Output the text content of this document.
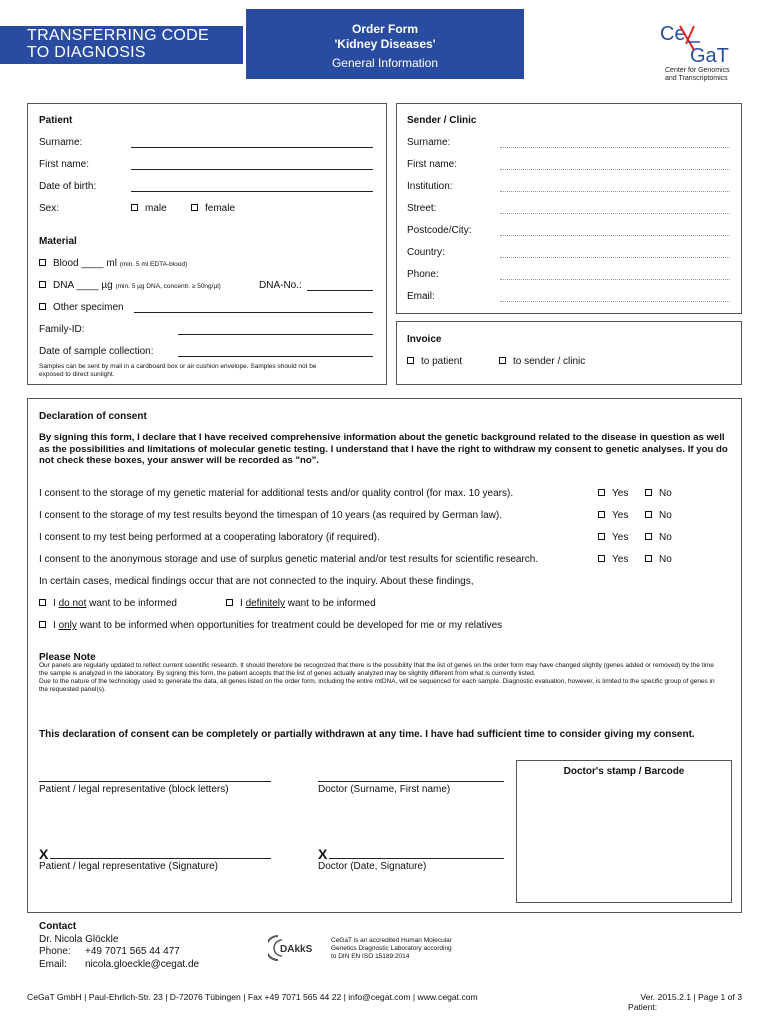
TRANSFERRING CODE
TO DIAGNOSIS
Order Form
'Kidney Diseases'
General Information
Ce
GaT
Center for Genomics
and Transcriptomics
Patient
Surname:
First name:
Date of birth:
Sex:	male	female
Material
Blood ____ ml (min. 5 ml EDTA-blood)
DNA ____ µg (min. 5 µg DNA, concentr. ≥ 50ng/µl)	DNA-No.:
Other specimen
Family-ID:
Date of sample collection:
Samples can be sent by mail in a cardboard box or air cushion envelope. Samples should not be
exposed to direct sunlight.
Sender / Clinic
Surname:
First name:
Institution:
Street:
Postcode/City:
Country:
Phone:
Email:
Invoice
to patient	to sender / clinic
Declaration of consent
By signing this form, I declare that I have received comprehensive information about the genetic background related to the disease in question as well as the possibilities and limitations of molecular genetic testing. I understand that I have the right to withdraw my consent to genetic analyses. If you do not check these boxes, your answer will be recorded as "no".
I consent to the storage of my genetic material for additional tests and/or quality control (for max. 10 years).	Yes	No
I consent to the storage of my test results beyond the timespan of 10 years (as required by German law).	Yes	No
I consent to my test being performed at a cooperating laboratory (if required).	Yes	No
I consent to the anonymous storage and use of surplus genetic material and/or test results for scientific research.	Yes	No
In certain cases, medical findings occur that are not connected to the inquiry. About these findings,
I do not want to be informed	I definitely want to be informed
I only want to be informed when opportunities for treatment could be developed for me or my relatives
Please Note
Our panels are regularly updated to reflect current scientific research. It should therefore be recognized that there is the possibility that the list of genes on the order form may have changed slightly (genes added or removed) by the time the sample is analyzed in the laboratory. By signing this form, the patient accepts that the list of genes actually analyzed may be slightly different from what is currently listed.
Due to the nature of the technology used to generate the data, all genes listed on the order form, including the entire mtDNA, will be sequenced for each sample. Diagnostic evaluation, however, is limited to the specific group of genes in the requested panel(s).
This declaration of consent can be completely or partially withdrawn at any time. I have had sufficient time to consider giving my consent.
Patient / legal representative (block letters)	Doctor (Surname, First name)
X
Patient / legal representative (Signature)
X
Doctor (Date, Signature)
Doctor's stamp / Barcode
Contact
Dr. Nicola Glöckle
Phone: +49 7071 565 44 477
Email: nicola.gloeckle@cegat.de
DAkkS
CeGaT is an accredited Human Molecular
Genetics Diagnostic Laboratory according
to DIN EN ISO 15189:2014
CeGaT GmbH | Paul-Ehrlich-Str. 23 | D-72076 Tübingen | Fax +49 7071 565 44 22 | info@cegat.com | www.cegat.com	Ver. 2015.2.1 | Page 1 of 3
Patient:
